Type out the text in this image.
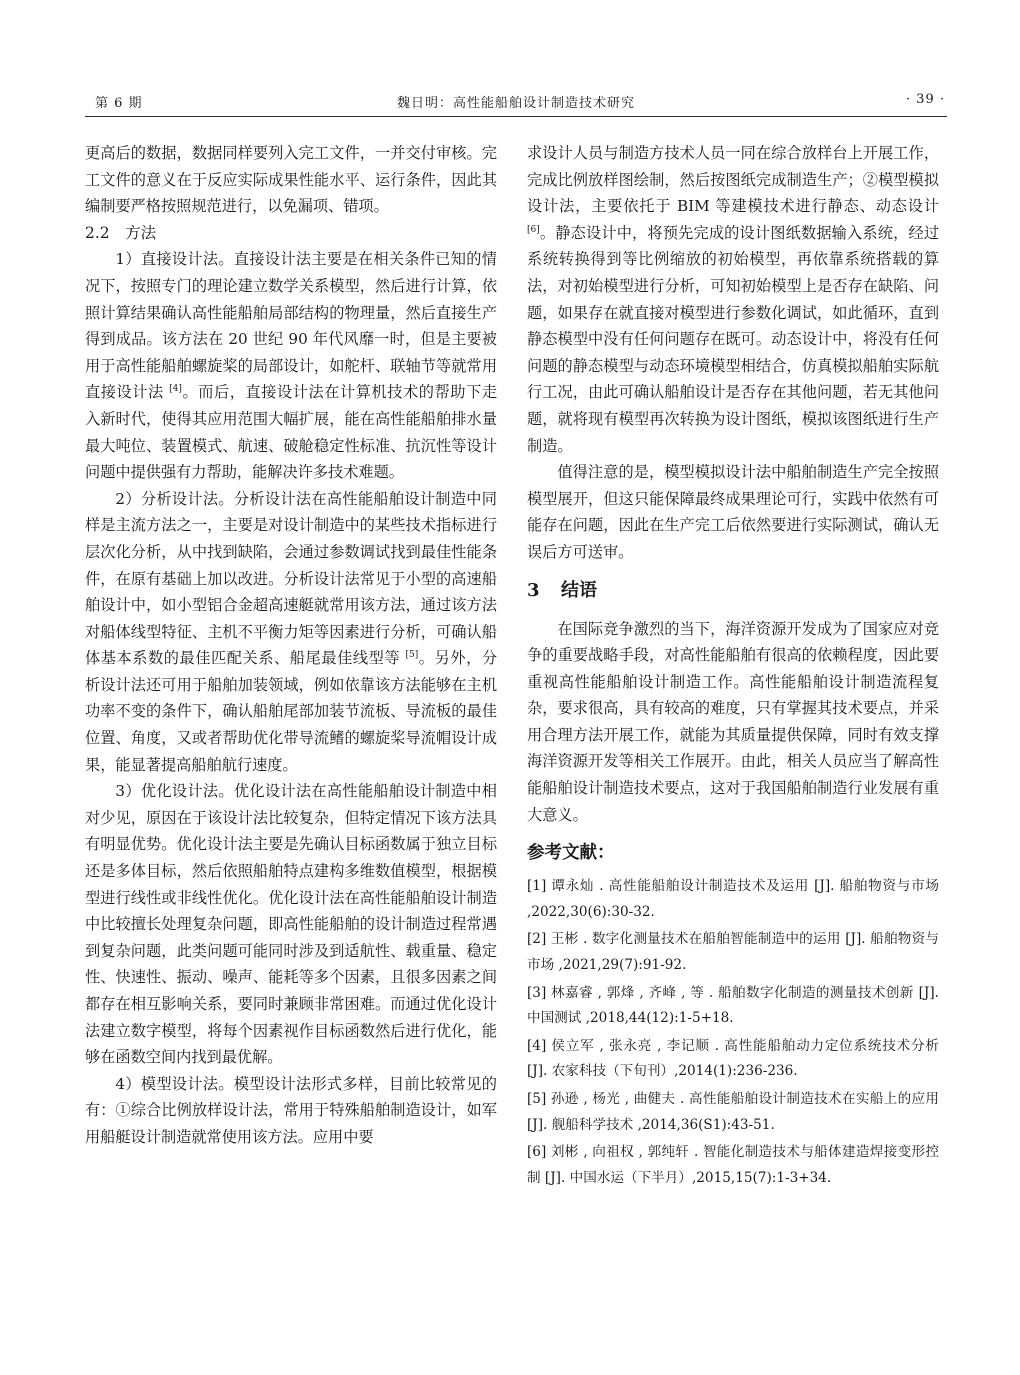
第 6 期	魏日明：高性能船舶设计制造技术研究	· 39 ·

更高后的数据，数据同样要列入完工文件，一并交付审核。完工文件的意义在于反应实际成果性能水平、运行条件，因此其编制要严格按照规范进行，以免漏项、错项。

2.2　方法

1）直接设计法。直接设计法主要是在相关条件已知的情况下，按照专门的理论建立数学关系模型，然后进行计算，依照计算结果确认高性能船舶局部结构的物理量，然后直接生产得到成品。该方法在 20 世纪 90 年代风靡一时，但是主要被用于高性能船舶螺旋桨的局部设计，如舵杆、联轴节等就常用直接设计法 [4]。而后，直接设计法在计算机技术的帮助下走入新时代，使得其应用范围大幅扩展，能在高性能船舶排水量最大吨位、装置模式、航速、破舱稳定性标准、抗沉性等设计问题中提供强有力帮助，能解决许多技术难题。

2）分析设计法。分析设计法在高性能船舶设计制造中同样是主流方法之一，主要是对设计制造中的某些技术指标进行层次化分析，从中找到缺陷，会通过参数调试找到最佳性能条件，在原有基础上加以改进。分析设计法常见于小型的高速船舶设计中，如小型铝合金超高速艇就常用该方法，通过该方法对船体线型特征、主机不平衡力矩等因素进行分析，可确认船体基本系数的最佳匹配关系、船尾最佳线型等 [5]。另外，分析设计法还可用于船舶加装领域，例如依靠该方法能够在主机功率不变的条件下，确认船舶尾部加装节流板、导流板的最佳位置、角度，又或者帮助优化带导流鳍的螺旋桨导流帽设计成果，能显著提高船舶航行速度。

3）优化设计法。优化设计法在高性能船舶设计制造中相对少见，原因在于该设计法比较复杂，但特定情况下该方法具有明显优势。优化设计法主要是先确认目标函数属于独立目标还是多体目标，然后依照船舶特点建构多维数值模型，根据模型进行线性或非线性优化。优化设计法在高性能船舶设计制造中比较擅长处理复杂问题，即高性能船舶的设计制造过程常遇到复杂问题，此类问题可能同时涉及到适航性、载重量、稳定性、快速性、振动、噪声、能耗等多个因素，且很多因素之间都存在相互影响关系，要同时兼顾非常困难。而通过优化设计法建立数字模型，将每个因素视作目标函数然后进行优化，能够在函数空间内找到最优解。

4）模型设计法。模型设计法形式多样，目前比较常见的有：①综合比例放样设计法，常用于特殊船舶制造设计，如军用船艇设计制造就常使用该方法。应用中要

求设计人员与制造方技术人员一同在综合放样台上开展工作，完成比例放样图绘制，然后按图纸完成制造生产；②模型模拟设计法，主要依托于 BIM 等建模技术进行静态、动态设计 [6]。静态设计中，将预先完成的设计图纸数据输入系统，经过系统转换得到等比例缩放的初始模型，再依靠系统搭载的算法，对初始模型进行分析，可知初始模型上是否存在缺陷、问题，如果存在就直接对模型进行参数化调试，如此循环，直到静态模型中没有任何问题存在既可。动态设计中，将没有任何问题的静态模型与动态环境模型相结合，仿真模拟船舶实际航行工况，由此可确认船舶设计是否存在其他问题，若无其他问题，就将现有模型再次转换为设计图纸，模拟该图纸进行生产制造。

值得注意的是，模型模拟设计法中船舶制造生产完全按照模型展开，但这只能保障最终成果理论可行，实践中依然有可能存在问题，因此在生产完工后依然要进行实际测试，确认无误后方可送审。

3 结语

在国际竞争激烈的当下，海洋资源开发成为了国家应对竞争的重要战略手段，对高性能船舶有很高的依赖程度，因此要重视高性能船舶设计制造工作。高性能船舶设计制造流程复杂，要求很高，具有较高的难度，只有掌握其技术要点，并采用合理方法开展工作，就能为其质量提供保障，同时有效支撑海洋资源开发等相关工作展开。由此，相关人员应当了解高性能船舶设计制造技术要点，这对于我国船舶制造行业发展有重大意义。

参考文献：

[1] 谭永灿 . 高性能船舶设计制造技术及运用 [J]. 船舶物资与市场 ,2022,30(6):30-32.

[2] 王彬 . 数字化测量技术在船舶智能制造中的运用 [J]. 船舶物资与市场 ,2021,29(7):91-92.

[3] 林嘉睿 , 郭烽 , 齐峰 , 等 . 船舶数字化制造的测量技术创新 [J]. 中国测试 ,2018,44(12):1-5+18.

[4] 侯立军 , 张永亮 , 李记顺 . 高性能船舶动力定位系统技术分析 [J]. 农家科技（下旬刊）,2014(1):236-236.

[5] 孙逊 , 杨光 , 曲健夫 . 高性能船舶设计制造技术在实船上的应用 [J]. 舰船科学技术 ,2014,36(S1):43-51.

[6] 刘彬 , 向祖权 , 郭纯轩 . 智能化制造技术与船体建造焊接变形控制 [J]. 中国水运（下半月）,2015,15(7):1-3+34.
